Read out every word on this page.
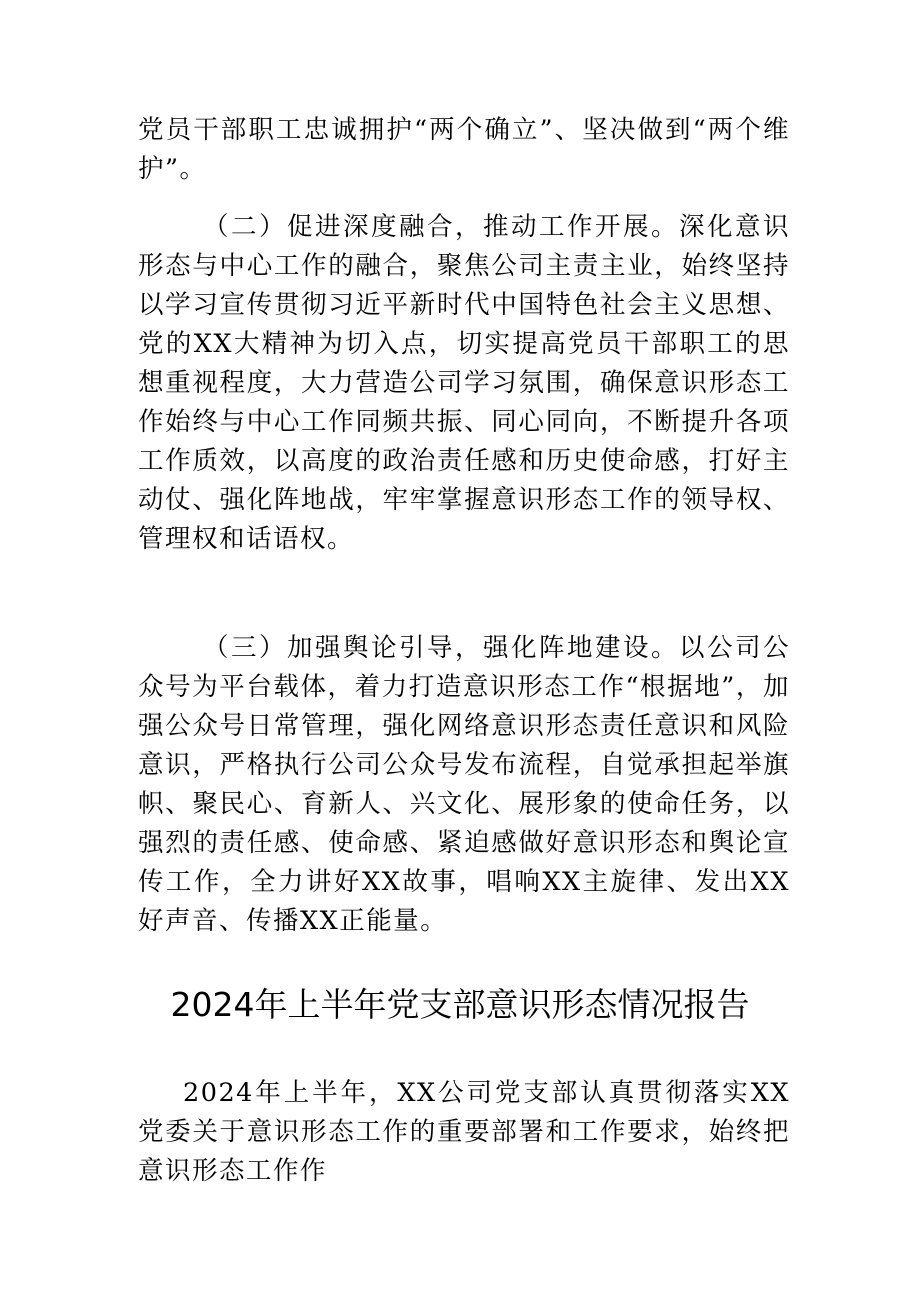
党员干部职工忠诚拥护“两个确立”、坚决做到“两个维护”。

（二）促进深度融合，推动工作开展。深化意识形态与中心工作的融合，聚焦公司主责主业，始终坚持以学习宣传贯彻习近平新时代中国特色社会主义思想、党的XX大精神为切入点，切实提高党员干部职工的思想重视程度，大力营造公司学习氛围，确保意识形态工作始终与中心工作同频共振、同心同向，不断提升各项工作质效，以高度的政治责任感和历史使命感，打好主动仗、强化阵地战，牢牢掌握意识形态工作的领导权、管理权和话语权。

（三）加强舆论引导，强化阵地建设。以公司公众号为平台载体，着力打造意识形态工作“根据地”，加强公众号日常管理，强化网络意识形态责任意识和风险意识，严格执行公司公众号发布流程，自觉承担起举旗帜、聚民心、育新人、兴文化、展形象的使命任务，以强烈的责任感、使命感、紧迫感做好意识形态和舆论宣传工作，全力讲好XX故事，唱响XX主旋律、发出XX好声音、传播XX正能量。

2024年上半年党支部意识形态情况报告

2024年上半年，XX公司党支部认真贯彻落实XX党委关于意识形态工作的重要部署和工作要求，始终把意识形态工作作
